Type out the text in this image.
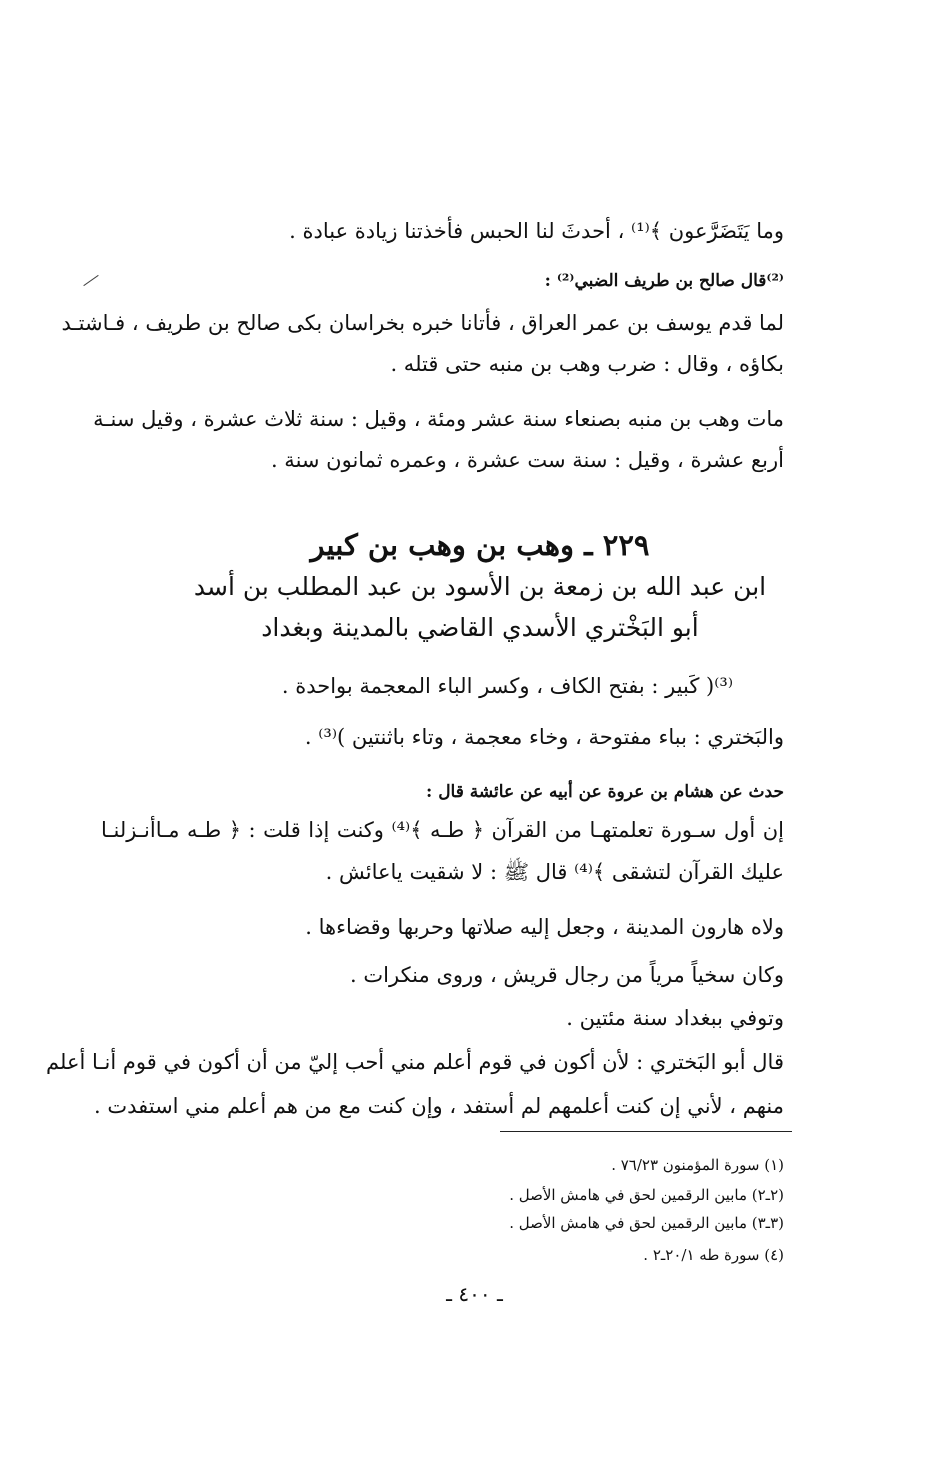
وما يَتَضَرَّعون ﴾⁽¹⁾ ، أحدثَ لنا الحبس فأخذتنا زيادة عبادة .
⁽²⁾قال صالح بن طريف الضبي⁽²⁾ :
لما قدم يوسف بن عمر العراق ، فأتانا خبره بخراسان بكى صالح بن طريف ، فـاشتـد
بكاؤه ، وقال : ضرب وهب بن منبه حتى قتله .
مات وهب بن منبه بصنعاء سنة عشر ومئة ، وقيل : سنة ثلاث عشرة ، وقيل سنـة
أربع عشرة ، وقيل : سنة ست عشرة ، وعمره ثمانون سنة .
٢٢٩ ـ وهب بن وهب بن كبير
ابن عبد الله بن زمعة بن الأسود بن عبد المطلب بن أسد
أبو البَخْتري الأسدي القاضي بالمدينة وبغداد
⁽³⁾( كَبير : بفتح الكاف ، وكسر الباء المعجمة بواحدة .
والبَختري : بباء مفتوحة ، وخاء معجمة ، وتاء باثنتين )⁽³⁾ .
حدث عن هشام بن عروة عن أبيه عن عائشة قال :
إن أول سـورة تعلمتهـا من القرآن ﴿ طـه ﴾⁽⁴⁾ وكنت إذا قلت : ﴿ طـه مـاأنـزلنـا
عليك القرآن لتشقى ﴾⁽⁴⁾ قال ﷺ : لا شقيت ياعائش .
ولاه هارون المدينة ، وجعل إليه صلاتها وحربها وقضاءها .
وكان سخياً مرياً من رجال قريش ، وروى منكرات .
وتوفي ببغداد سنة مئتين .
قال أبو البَختري : لأن أكون في قوم أعلم مني أحب إليّ من أن أكون في قوم أنـا أعلم
منهم ، لأني إن كنت أعلمهم لم أستفد ، وإن كنت مع من هم أعلم مني استفدت .
(١) سورة المؤمنون ٧٦/٢٣ .
(٢ـ٢) مابين الرقمين لحق في هامش الأصل .
(٣ـ٣) مابين الرقمين لحق في هامش الأصل .
(٤) سورة طه ٢٠/١ـ٢ .
ـ ٤٠٠ ـ
